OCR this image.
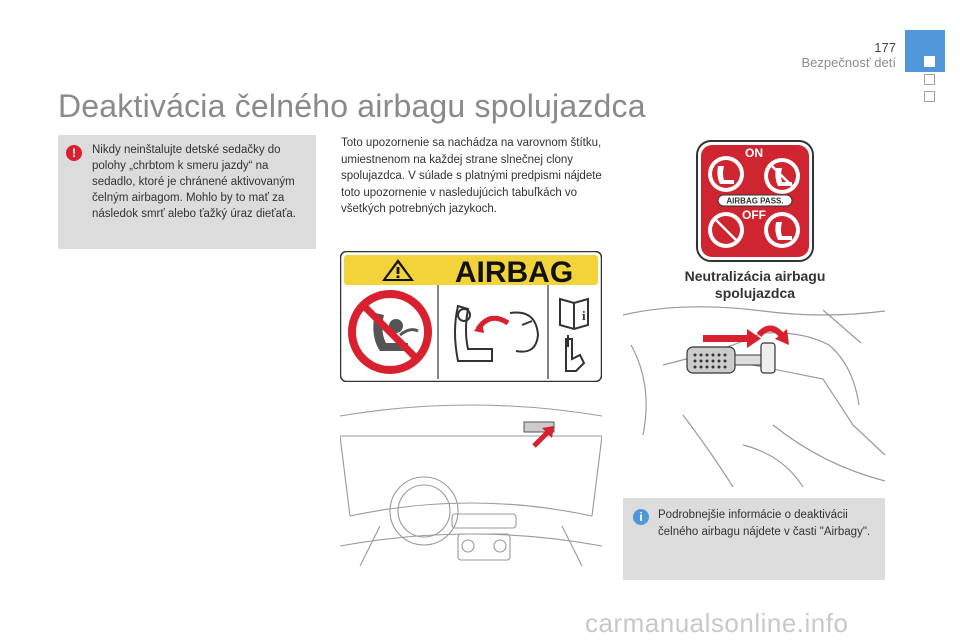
177
Bezpečnosť detí
Deaktivácia čelného airbagu spolujazdca
!	Nikdy neinštalujte detské sedačky do polohy „chrbtom k smeru jazdy“ na sedadlo, ktoré je chránené aktivovaným čelným airbagom. Mohlo by to mať za následok smrť alebo ťažký úraz dieťaťa.
Toto upozornenie sa nachádza na varovnom štítku, umiestnenom na každej strane slnečnej clony spolujazdca. V súlade s platnými predpismi nájdete toto upozornenie v nasledujúcich tabuľkách vo všetkých potrebných jazykoch.
AIRBAG
i
ON
AIRBAG PASS.
OFF
Neutralizácia airbagu spolujazdca
i	Podrobnejšie informácie o deaktivácii čelného airbagu nájdete v časti "Airbagy".
carmanualsonline.info
